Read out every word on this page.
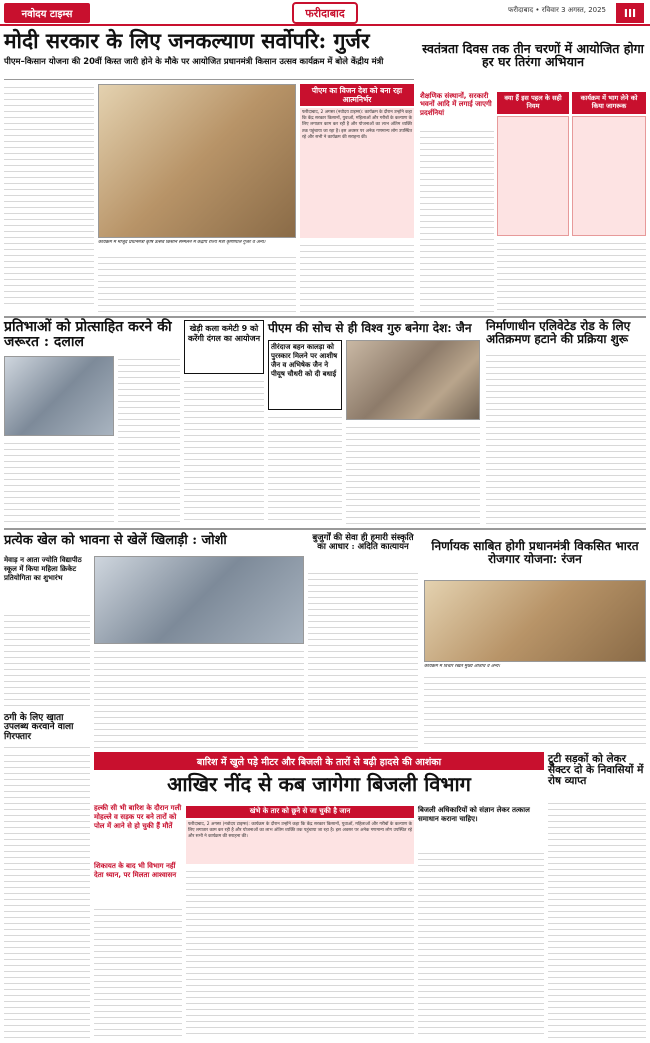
नवोदय टाइम्स	फरीदाबाद	फरीदाबाद • रविवार 3 अगस्त, 2025	III
मोदी सरकार के लिए जनकल्याण सर्वोपरि: गुर्जर
पीएम–किसान योजना की 20वीं किस्त जारी होने के मौके पर आयोजित प्रधानमंत्री किसान उत्सव कार्यक्रम में बोले केंद्रीय मंत्री
कार्यक्रम में मौजूद प्रधानमंत्री कृषि उत्सव किसान सम्मेलन में केंद्रीय राज्य मंत्री कृष्णपाल गुर्जर व अन्य।
पीएम का विजन देश को बना रहा आत्मनिर्भर
फरीदाबाद, 2 अगस्त (नवोदय टाइम्स): कार्यक्रम के दौरान उन्होंने कहा कि केंद्र सरकार किसानों, युवाओं, महिलाओं और गरीबों के कल्याण के लिए लगातार काम कर रही है और योजनाओं का लाभ अंतिम व्यक्ति तक पहुंचाया जा रहा है। इस अवसर पर अनेक गणमान्य लोग उपस्थित रहे और सभी ने कार्यक्रम की सराहना की।
स्वतंत्रता दिवस तक तीन चरणों में आयोजित होगा हर घर तिरंगा अभियान
शैक्षणिक संस्थानों, सरकारी भवनों आदि में लगाई जाएगी प्रदर्शनियां
क्या हैं इस पहल के सही नियम
कार्यक्रम में भाग लेने को किया जागरूक
प्रतिभाओं को प्रोत्साहित करने की जरूरत : दलाल
खेड़ी कला कमेटी 9 को करेंगी दंगल का आयोजन
पीएम की सोच से ही विश्व गुरु बनेगा देश: जैन
तीरंदाज बहन कालड़ा को पुरस्कार मिलने पर आशीष जैन व अभिषेक जैन ने पीयूष चौधरी को दी बधाई
निर्माणाधीन एलिवेटेड रोड के लिए अतिक्रमण हटाने की प्रक्रिया शुरू
प्रत्येक खेल को भावना से खेलें खिलाड़ी : जोशी
मेवाड़ न आता ज्योति विद्यापीठ स्कूल में किया महिला क्रिकेट प्रतियोगिता का शुभारंभ
ठगी के लिए खाता उपलब्ध करवाने वाला गिरफ्तार
बुजुर्गों की सेवा ही हमारी संस्कृति का आधार : अदिति कात्यायन	निर्णायक साबित होगी प्रधानमंत्री विकसित भारत रोजगार योजना: रंजन
कार्यक्रम में विचार रखते मुख्य अतिथि व अन्य।
बारिश में खुले पड़े मीटर और बिजली के तारों से बढ़ी हादसे की आशंका
आखिर नींद से कब जागेगा बिजली विभाग
हल्की सी भी बारिश के दौरान गली मोहल्ले व सड़क पर बने तारों को पोल में आने से हो चुकी हैं मौतें
शिकायत के बाद भी विभाग नहीं देता ध्यान, पर मिलता आश्वासन
खंभे के तार को छूने से जा चुकी है जान
फरीदाबाद, 2 अगस्त (नवोदय टाइम्स): कार्यक्रम के दौरान उन्होंने कहा कि केंद्र सरकार किसानों, युवाओं, महिलाओं और गरीबों के कल्याण के लिए लगातार काम कर रही है और योजनाओं का लाभ अंतिम व्यक्ति तक पहुंचाया जा रहा है। इस अवसर पर अनेक गणमान्य लोग उपस्थित रहे और सभी ने कार्यक्रम की सराहना की।
बिजली अधिकारियों को संज्ञान लेकर तत्काल समाधान कराना चाहिए।
टूटी सड़कों को लेकर सैक्टर दो के निवासियों में रोष व्याप्त
